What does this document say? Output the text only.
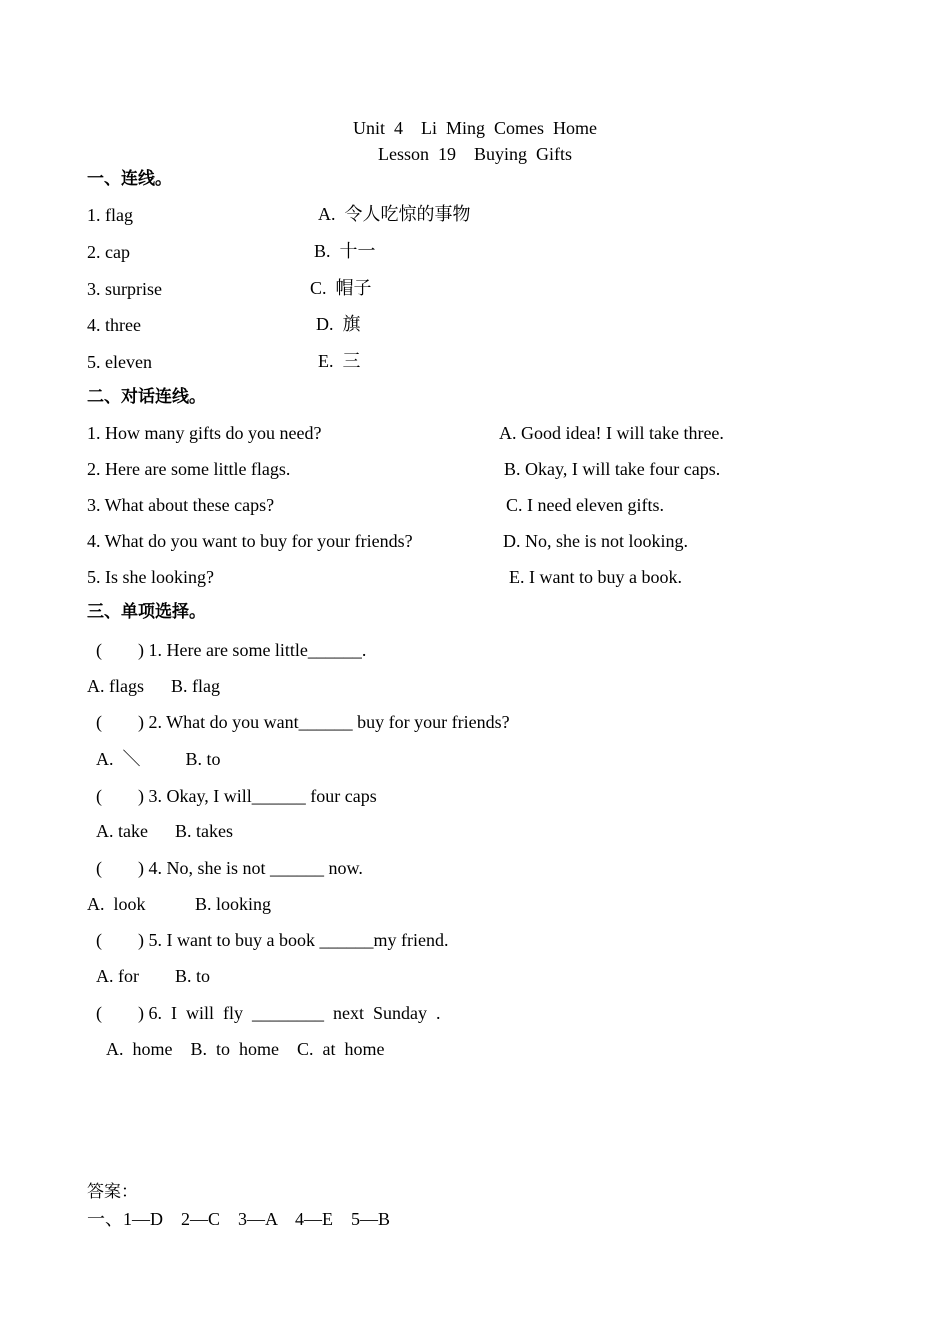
Unit  4    Li  Ming  Comes  Home
Lesson  19    Buying  Gifts
一、连线。
1. flag	A.  令人吃惊的事物
2. cap	B.  十一
3. surprise	C.  帽子
4. three	D.  旗
5. eleven	E.  三
二、对话连线。
1. How many gifts do you need?	A. Good idea! I will take three.
2. Here are some little flags.	B. Okay, I will take four caps.
3. What about these caps?	C. I need eleven gifts.
4. What do you want to buy for your friends?	D. No, she is not looking.
5. Is she looking?	E. I want to buy a book.
三、单项选择。
(        ) 1. Here are some little______.
A. flags      B. flag
(        ) 2. What do you want______ buy for your friends?
A.  ＼          B. to
(        ) 3. Okay, I will______ four caps
A. take      B. takes
(        ) 4. No, she is not ______ now.
A.  look           B. looking
(        ) 5. I want to buy a book ______my friend.
A. for        B. to
(        ) 6.  I  will  fly  ________  next  Sunday  .
A.  home    B.  to  home    C.  at  home
答案：
一、1—D    2—C    3—A    4—E    5—B
